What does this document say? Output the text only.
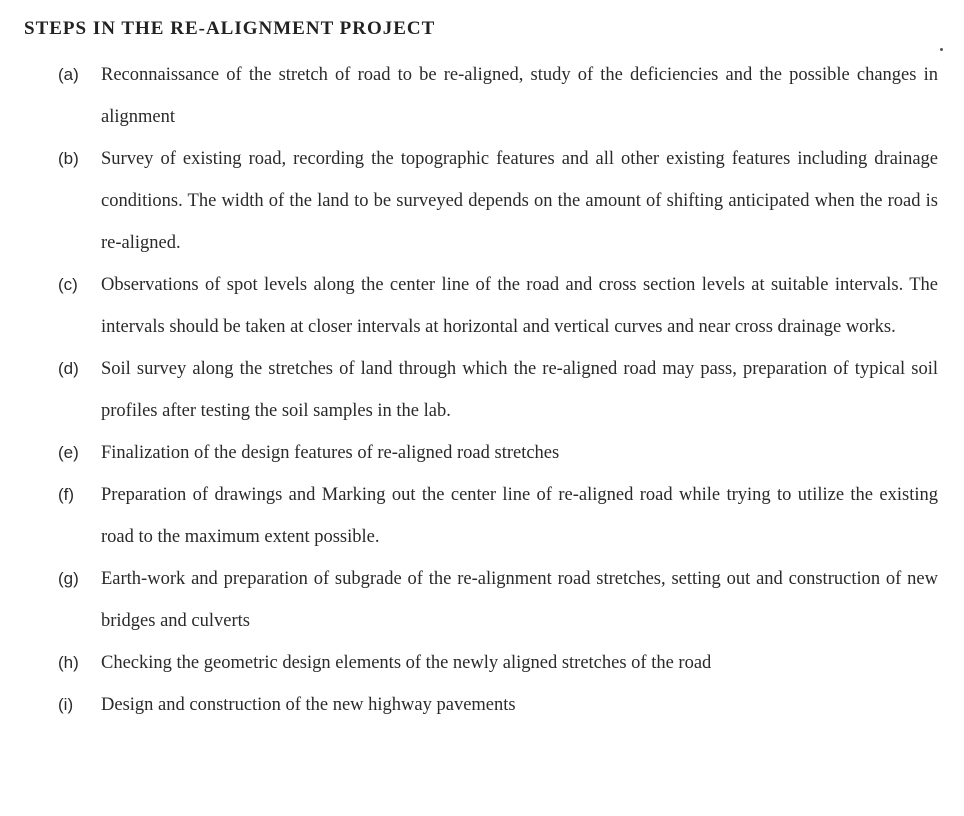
STEPS IN THE RE-ALIGNMENT PROJECT
(a) Reconnaissance of the stretch of road to be re-aligned, study of the deficiencies and the possible changes in alignment
(b) Survey of existing road, recording the topographic features and all other existing features including drainage conditions. The width of the land to be surveyed depends on the amount of shifting anticipated when the road is re-aligned.
(c) Observations of spot levels along the center line of the road and cross section levels at suitable intervals. The intervals should be taken at closer intervals at horizontal and vertical curves and near cross drainage works.
(d) Soil survey along the stretches of land through which the re-aligned road may pass, preparation of typical soil profiles after testing the soil samples in the lab.
(e) Finalization of the design features of re-aligned road stretches
(f) Preparation of drawings and Marking out the center line of re-aligned road while trying to utilize the existing road to the maximum extent possible.
(g) Earth-work and preparation of subgrade of the re-alignment road stretches, setting out and construction of new bridges and culverts
(h) Checking the geometric design elements of the newly aligned stretches of the road
(i) Design and construction of the new highway pavements
